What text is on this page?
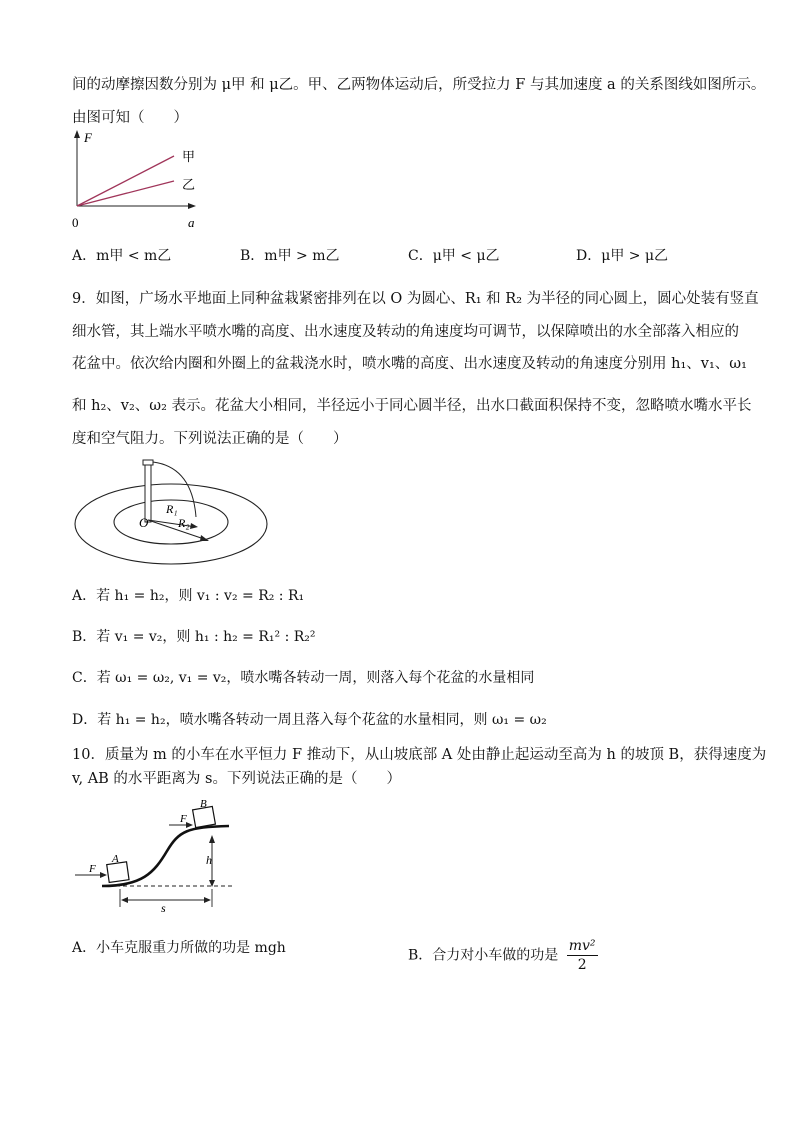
间的动摩擦因数分别为 μ甲 和 μ乙。甲、乙两物体运动后，所受拉力 F 与其加速度 a 的关系图线如图所示。
由图可知（　　）
F
a
0
甲
乙
A．m甲 < m乙	B．m甲 > m乙	C．μ甲 < μ乙	D．μ甲 > μ乙
9．如图，广场水平地面上同种盆栽紧密排列在以 O 为圆心、R₁ 和 R₂ 为半径的同心圆上，圆心处装有竖直
细水管，其上端水平喷水嘴的高度、出水速度及转动的角速度均可调节，以保障喷出的水全部落入相应的
花盆中。依次给内圈和外圈上的盆栽浇水时，喷水嘴的高度、出水速度及转动的角速度分别用 h₁、v₁、ω₁
和 h₂、v₂、ω₂ 表示。花盆大小相同，半径远小于同心圆半径，出水口截面积保持不变，忽略喷水嘴水平长
度和空气阻力。下列说法正确的是（　　）
O
R₁
R₂
A．若 h₁ = h₂，则 v₁ : v₂ = R₂ : R₁
B．若 v₁ = v₂，则 h₁ : h₂ = R₁² : R₂²
C．若 ω₁ = ω₂, v₁ = v₂，喷水嘴各转动一周，则落入每个花盆的水量相同
D．若 h₁ = h₂，喷水嘴各转动一周且落入每个花盆的水量相同，则 ω₁ = ω₂
10．质量为 m 的小车在水平恒力 F 推动下，从山坡底部 A 处由静止起运动至高为 h 的坡顶 B，获得速度为
v, AB 的水平距离为 s。下列说法正确的是（　　）
A
B
F
F
h
s
A．小车克服重力所做的功是 mgh	B．合力对小车做的功是 $\frac{\text{mv²}}{2}$
